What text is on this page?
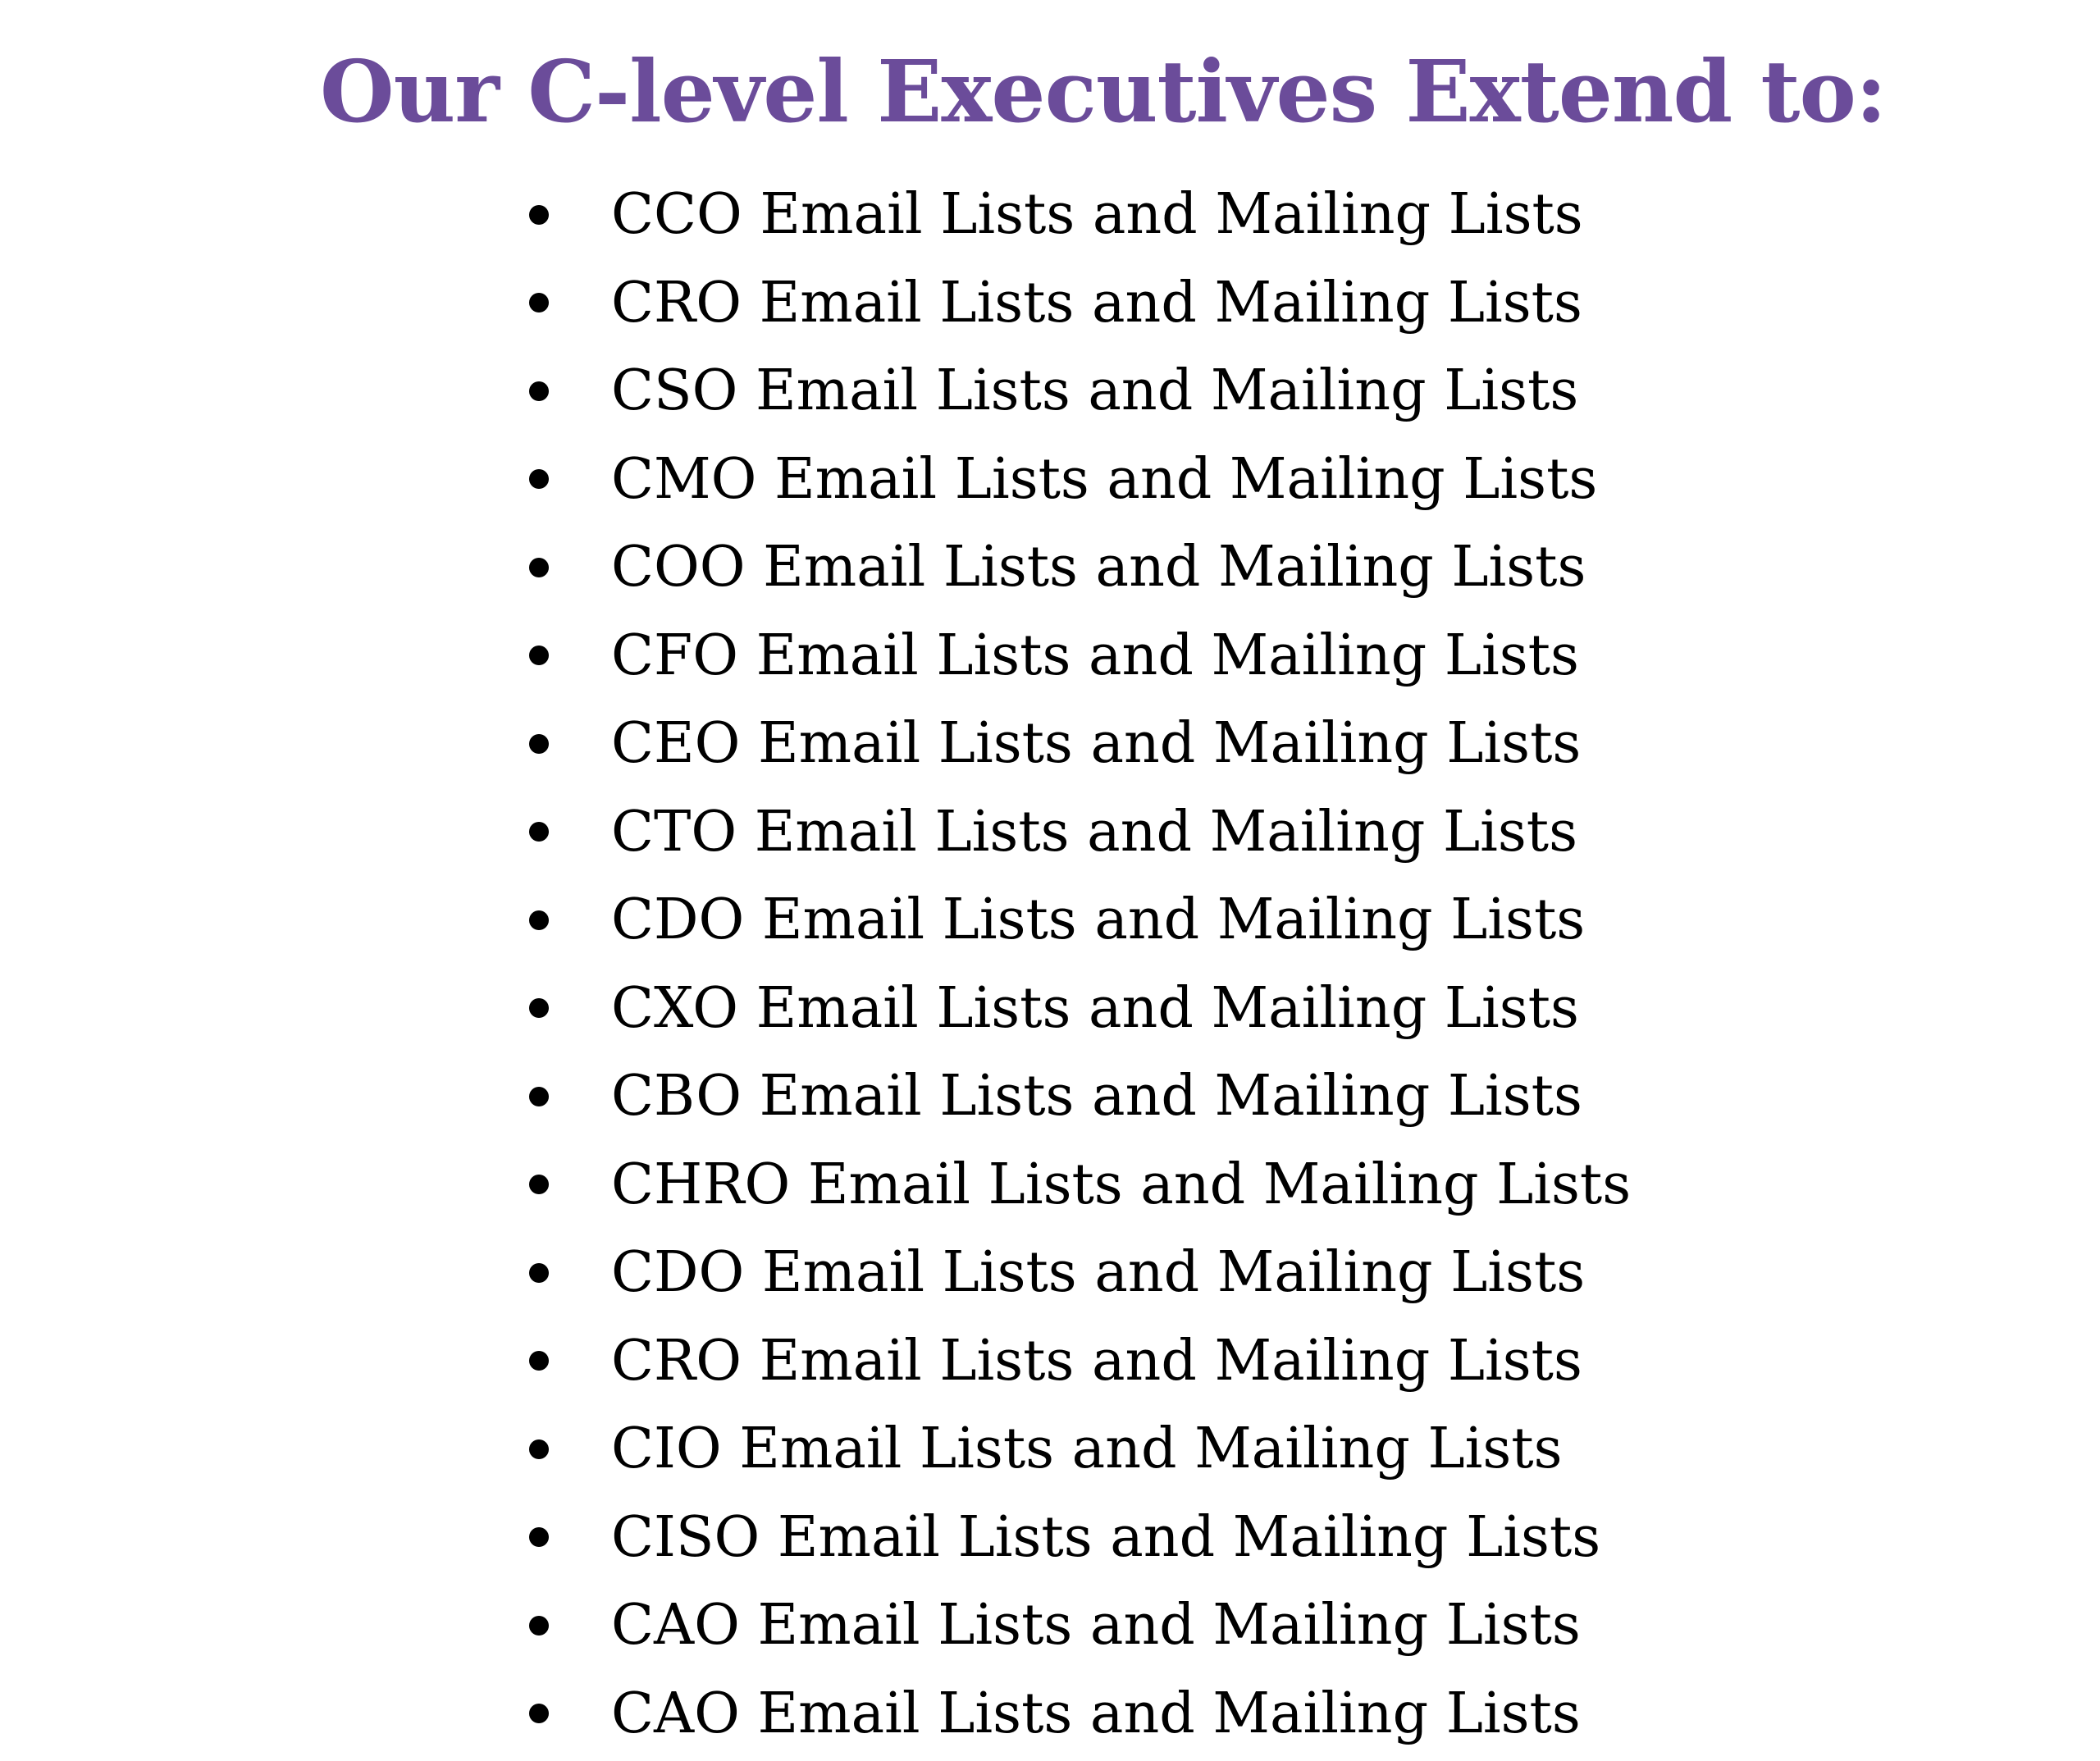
Our C-level Executives Extend to:
CCO Email Lists and Mailing Lists
CRO Email Lists and Mailing Lists
CSO Email Lists and Mailing Lists
CMO Email Lists and Mailing Lists
COO Email Lists and Mailing Lists
CFO Email Lists and Mailing Lists
CEO Email Lists and Mailing Lists
CTO Email Lists and Mailing Lists
CDO Email Lists and Mailing Lists
CXO Email Lists and Mailing Lists
CBO Email Lists and Mailing Lists
CHRO Email Lists and Mailing Lists
CDO Email Lists and Mailing Lists
CRO Email Lists and Mailing Lists
CIO Email Lists and Mailing Lists
CISO Email Lists and Mailing Lists
CAO Email Lists and Mailing Lists
CAO Email Lists and Mailing Lists
